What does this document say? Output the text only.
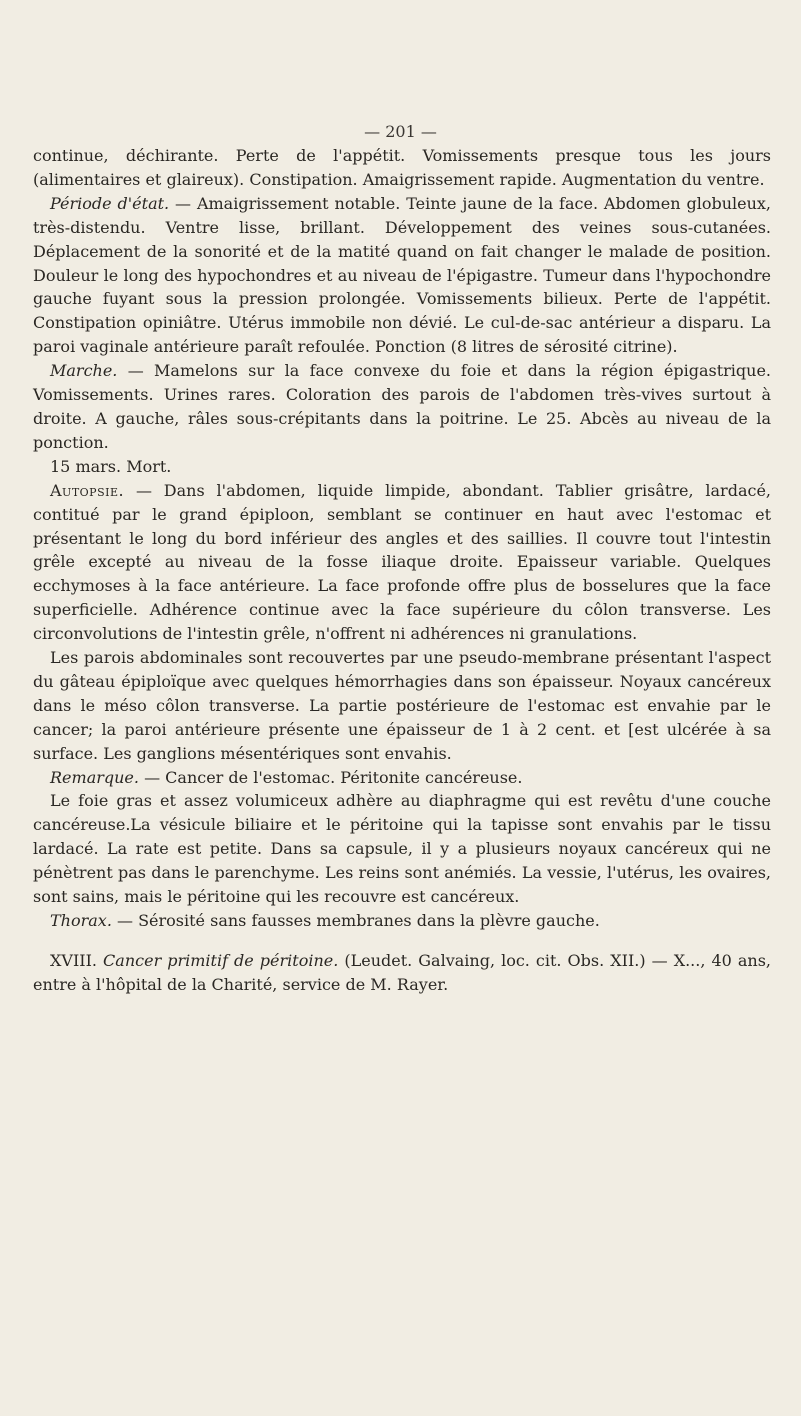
— 201 —

continue, déchirante. Perte de l'appétit. Vomissements presque tous les jours (alimentaires et glaireux). Constipation. Amaigrissement rapide. Augmentation du ventre.

Période d'état. — Amaigrissement notable. Teinte jaune de la face. Abdomen globuleux, très-distendu. Ventre lisse, brillant. Développement des veines sous-cutanées. Déplacement de la sonorité et de la matité quand on fait changer le malade de position. Douleur le long des hypochondres et au niveau de l'épigastre. Tumeur dans l'hypochondre gauche fuyant sous la pression prolongée. Vomissements bilieux. Perte de l'appétit. Constipation opiniâtre. Utérus immobile non dévié. Le cul-de-sac antérieur a disparu. La paroi vaginale antérieure paraît refoulée. Ponction (8 litres de sérosité citrine).

Marche. — Mamelons sur la face convexe du foie et dans la région épigastrique. Vomissements. Urines rares. Coloration des parois de l'abdomen très-vives surtout à droite. A gauche, râles sous-crépitants dans la poitrine. Le 25. Abcès au niveau de la ponction.

15 mars. Mort.

Autopsie. — Dans l'abdomen, liquide limpide, abondant. Tablier grisâtre, lardacé, contitué par le grand épiploon, semblant se continuer en haut avec l'estomac et présentant le long du bord inférieur des angles et des saillies. Il couvre tout l'intestin grêle excepté au niveau de la fosse iliaque droite. Epaisseur variable. Quelques ecchymoses à la face antérieure. La face profonde offre plus de bosselures que la face superficielle. Adhérence continue avec la face supérieure du côlon transverse. Les circonvolutions de l'intestin grêle, n'offrent ni adhérences ni granulations.

Les parois abdominales sont recouvertes par une pseudo-membrane présentant l'aspect du gâteau épiploïque avec quelques hémorrhagies dans son épaisseur. Noyaux cancéreux dans le méso côlon transverse. La partie postérieure de l'estomac est envahie par le cancer; la paroi antérieure présente une épaisseur de 1 à 2 cent. et [est ulcérée à sa surface. Les ganglions mésentériques sont envahis.

Remarque. — Cancer de l'estomac. Péritonite cancéreuse.

Le foie gras et assez volumiceux adhère au diaphragme qui est revêtu d'une couche cancéreuse.La vésicule biliaire et le péritoine qui la tapisse sont envahis par le tissu lardacé. La rate est petite. Dans sa capsule, il y a plusieurs noyaux cancéreux qui ne pénètrent pas dans le parenchyme. Les reins sont anémiés. La vessie, l'utérus, les ovaires, sont sains, mais le péritoine qui les recouvre est cancéreux.

Thorax. — Sérosité sans fausses membranes dans la plèvre gauche.

XVIII. Cancer primitif de péritoine. (Leudet. Galvaing, loc. cit. Obs. XII.) — X..., 40 ans, entre à l'hôpital de la Charité, service de M. Rayer.
